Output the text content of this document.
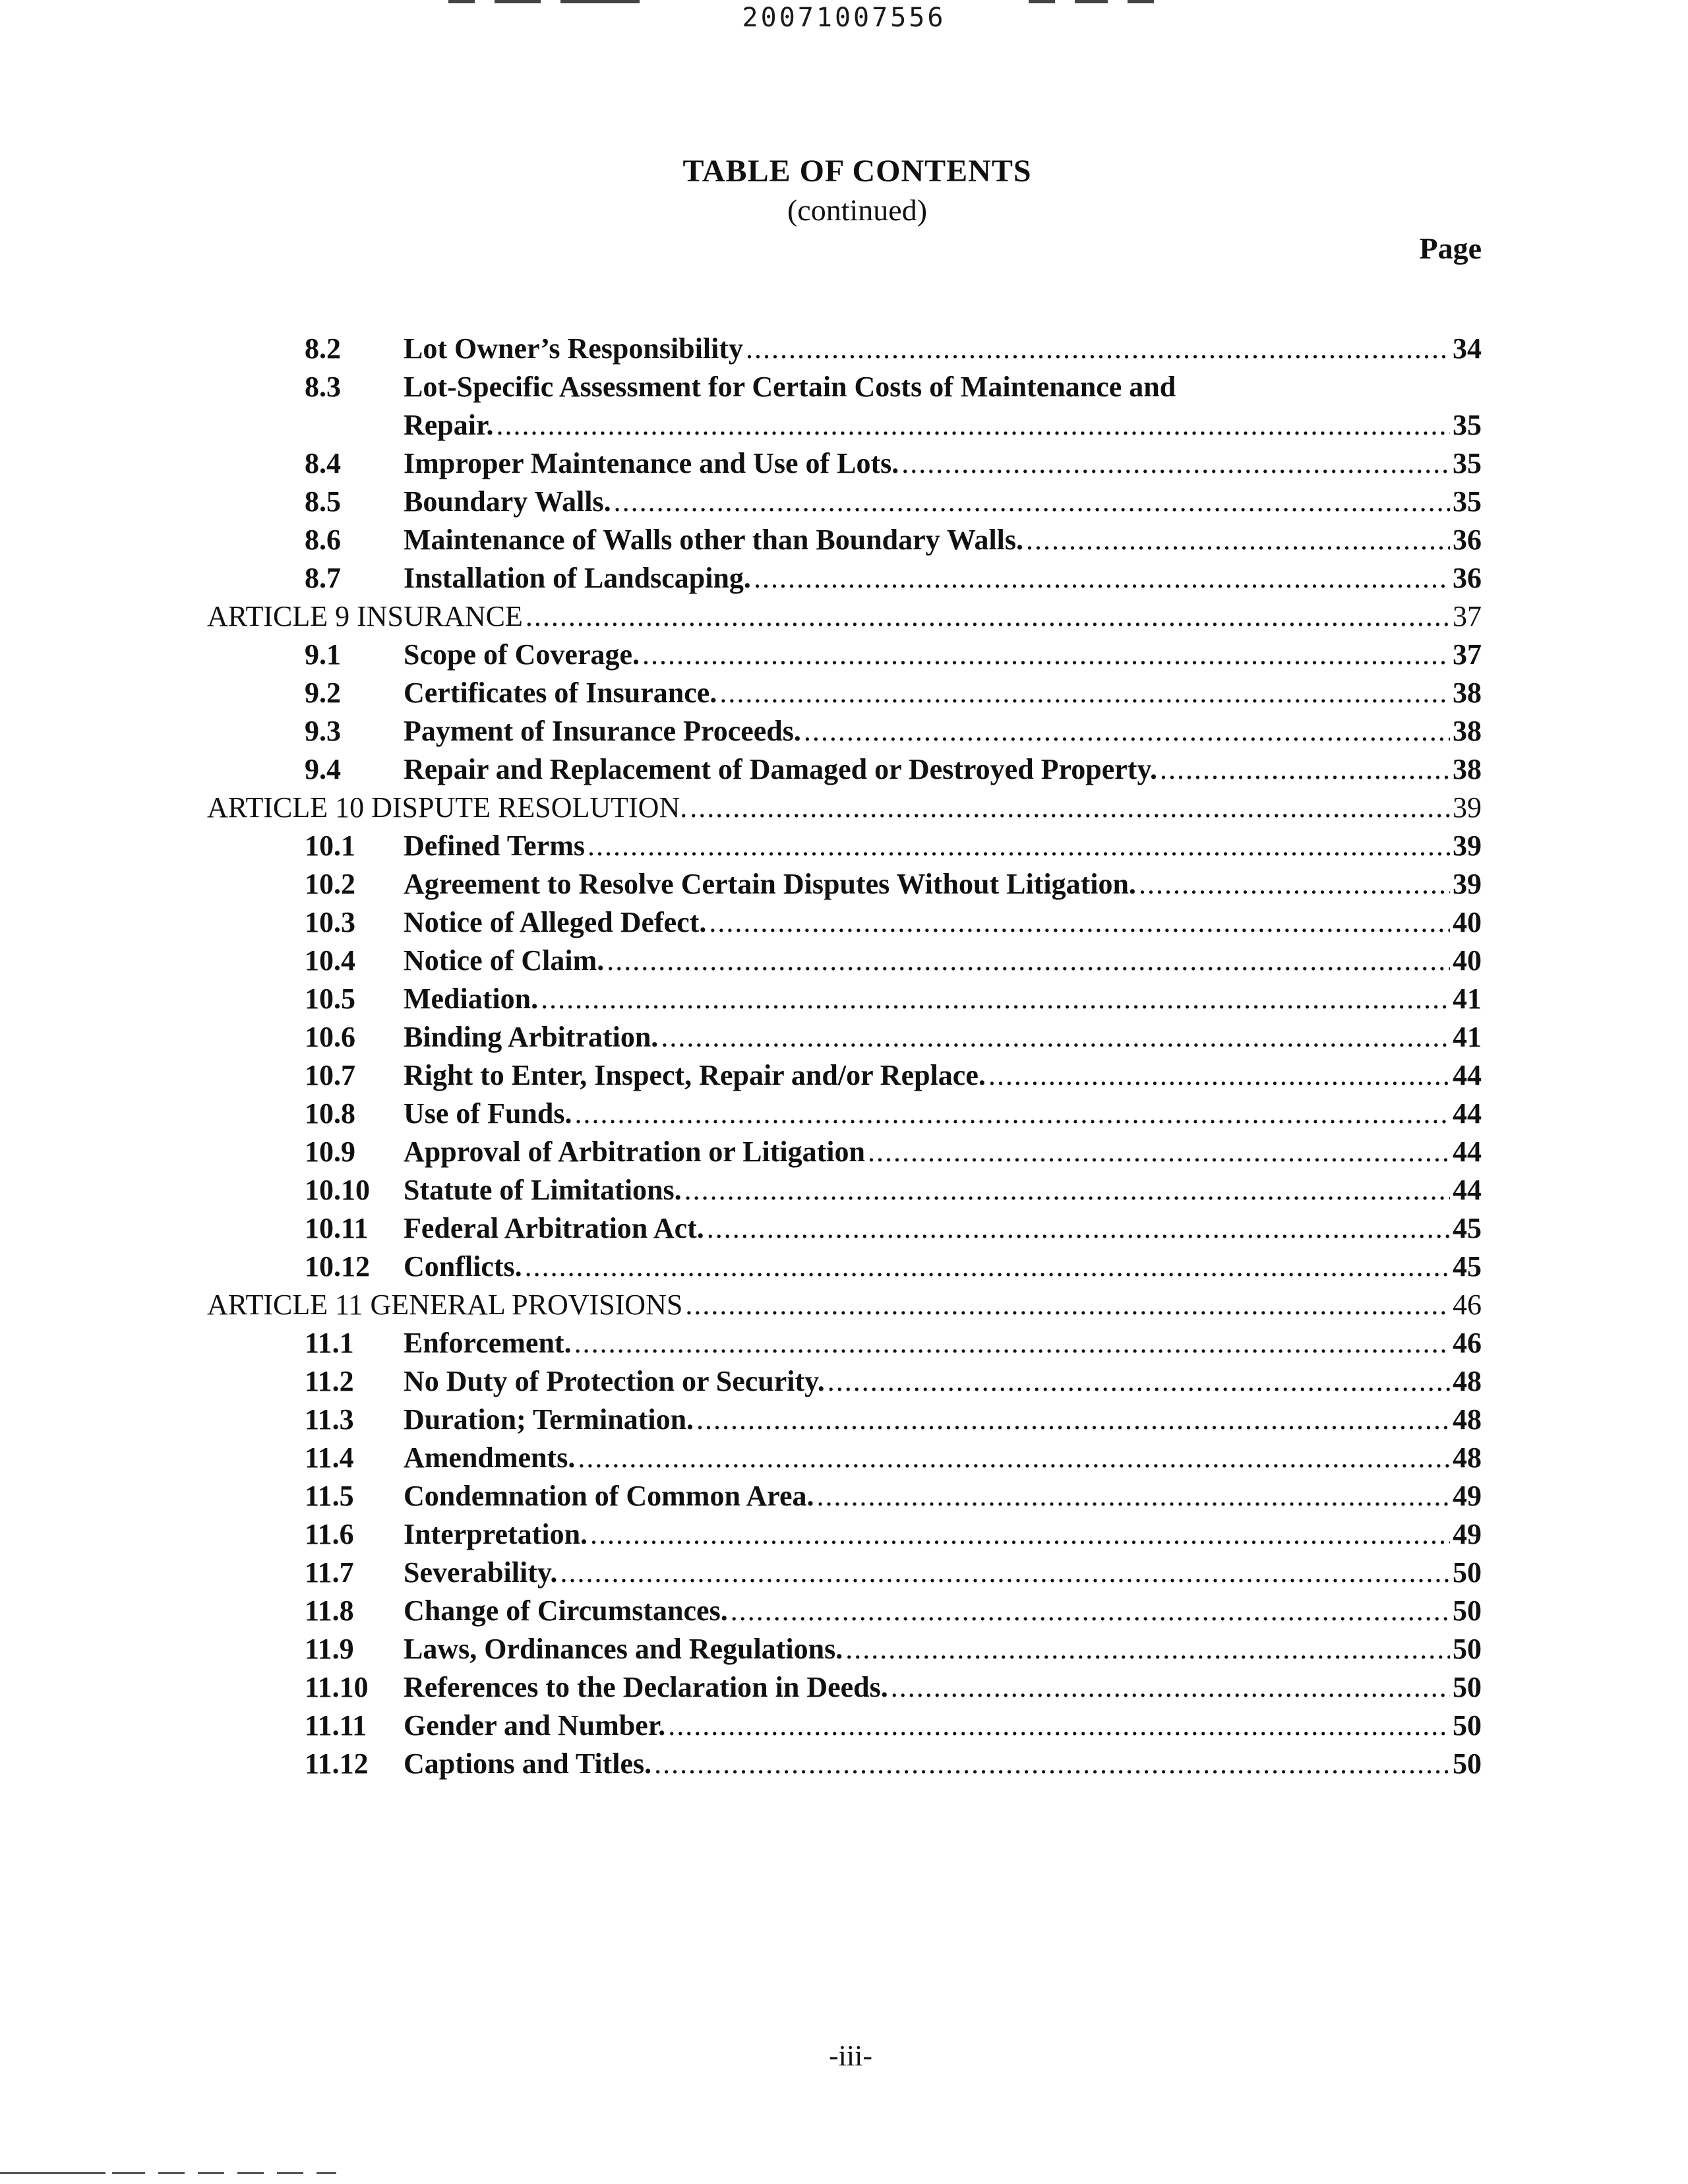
20071007556
TABLE OF CONTENTS
(continued)
Page
8.2 Lot Owner’s Responsibility .....	34
8.3 Lot-Specific Assessment for Certain Costs of Maintenance and
Repair. .....	35
8.4 Improper Maintenance and Use of Lots. .....	35
8.5 Boundary Walls. .....	35
8.6 Maintenance of Walls other than Boundary Walls. .....	36
8.7 Installation of Landscaping. .....	36
ARTICLE 9 INSURANCE .....	37
9.1 Scope of Coverage. .....	37
9.2 Certificates of Insurance. .....	38
9.3 Payment of Insurance Proceeds. .....	38
9.4 Repair and Replacement of Damaged or Destroyed Property. .....	38
ARTICLE 10 DISPUTE RESOLUTION. .....	39
10.1 Defined Terms .....	39
10.2 Agreement to Resolve Certain Disputes Without Litigation. .....	39
10.3 Notice of Alleged Defect. .....	40
10.4 Notice of Claim. .....	40
10.5 Mediation. .....	41
10.6 Binding Arbitration. .....	41
10.7 Right to Enter, Inspect, Repair and/or Replace. .....	44
10.8 Use of Funds. .....	44
10.9 Approval of Arbitration or Litigation .....	44
10.10 Statute of Limitations. .....	44
10.11 Federal Arbitration Act. .....	45
10.12 Conflicts. .....	45
ARTICLE 11 GENERAL PROVISIONS .....	46
11.1 Enforcement. .....	46
11.2 No Duty of Protection or Security. .....	48
11.3 Duration; Termination. .....	48
11.4 Amendments. .....	48
11.5 Condemnation of Common Area. .....	49
11.6 Interpretation. .....	49
11.7 Severability. .....	50
11.8 Change of Circumstances. .....	50
11.9 Laws, Ordinances and Regulations. .....	50
11.10 References to the Declaration in Deeds. .....	50
11.11 Gender and Number. .....	50
11.12 Captions and Titles. .....	50
-iii-
